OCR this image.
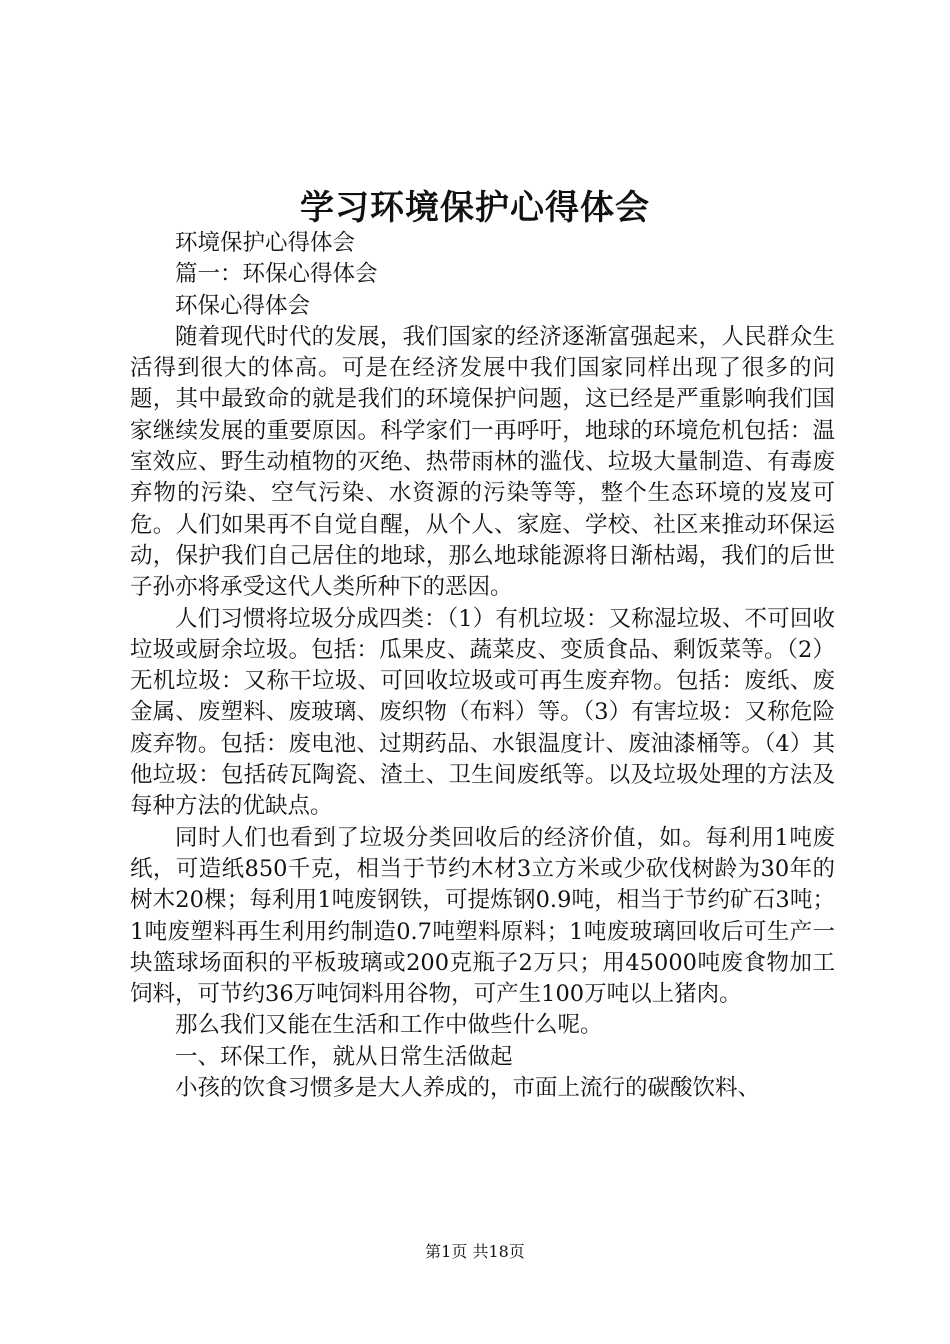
学习环境保护心得体会

环境保护心得体会

篇一：环保心得体会

环保心得体会

随着现代时代的发展，我们国家的经济逐渐富强起来，人民群众生活得到很大的体高。可是在经济发展中我们国家同样出现了很多的问题，其中最致命的就是我们的环境保护问题，这已经是严重影响我们国家继续发展的重要原因。科学家们一再呼吁，地球的环境危机包括：温室效应、野生动植物的灭绝、热带雨林的滥伐、垃圾大量制造、有毒废弃物的污染、空气污染、水资源的污染等等，整个生态环境的岌岌可危。人们如果再不自觉自醒，从个人、家庭、学校、社区来推动环保运动，保护我们自己居住的地球，那么地球能源将日渐枯竭，我们的后世子孙亦将承受这代人类所种下的恶因。

人们习惯将垃圾分成四类：（1）有机垃圾：又称湿垃圾、不可回收垃圾或厨余垃圾。包括：瓜果皮、蔬菜皮、变质食品、剩饭菜等。（2）无机垃圾：又称干垃圾、可回收垃圾或可再生废弃物。包括：废纸、废金属、废塑料、废玻璃、废织物（布料）等。（3）有害垃圾：又称危险废弃物。包括：废电池、过期药品、水银温度计、废油漆桶等。（4）其他垃圾：包括砖瓦陶瓷、渣土、卫生间废纸等。以及垃圾处理的方法及每种方法的优缺点。

同时人们也看到了垃圾分类回收后的经济价值，如。每利用1吨废纸，可造纸850千克，相当于节约木材3立方米或少砍伐树龄为30年的树木20棵；每利用1吨废钢铁，可提炼钢0.9吨，相当于节约矿石3吨；1吨废塑料再生利用约制造0.7吨塑料原料；1吨废玻璃回收后可生产一块篮球场面积的平板玻璃或200克瓶子2万只；用45000吨废食物加工饲料，可节约36万吨饲料用谷物，可产生100万吨以上猪肉。

那么我们又能在生活和工作中做些什么呢。

一、环保工作，就从日常生活做起

小孩的饮食习惯多是大人养成的，市面上流行的碳酸饮料、

第1页 共18页
